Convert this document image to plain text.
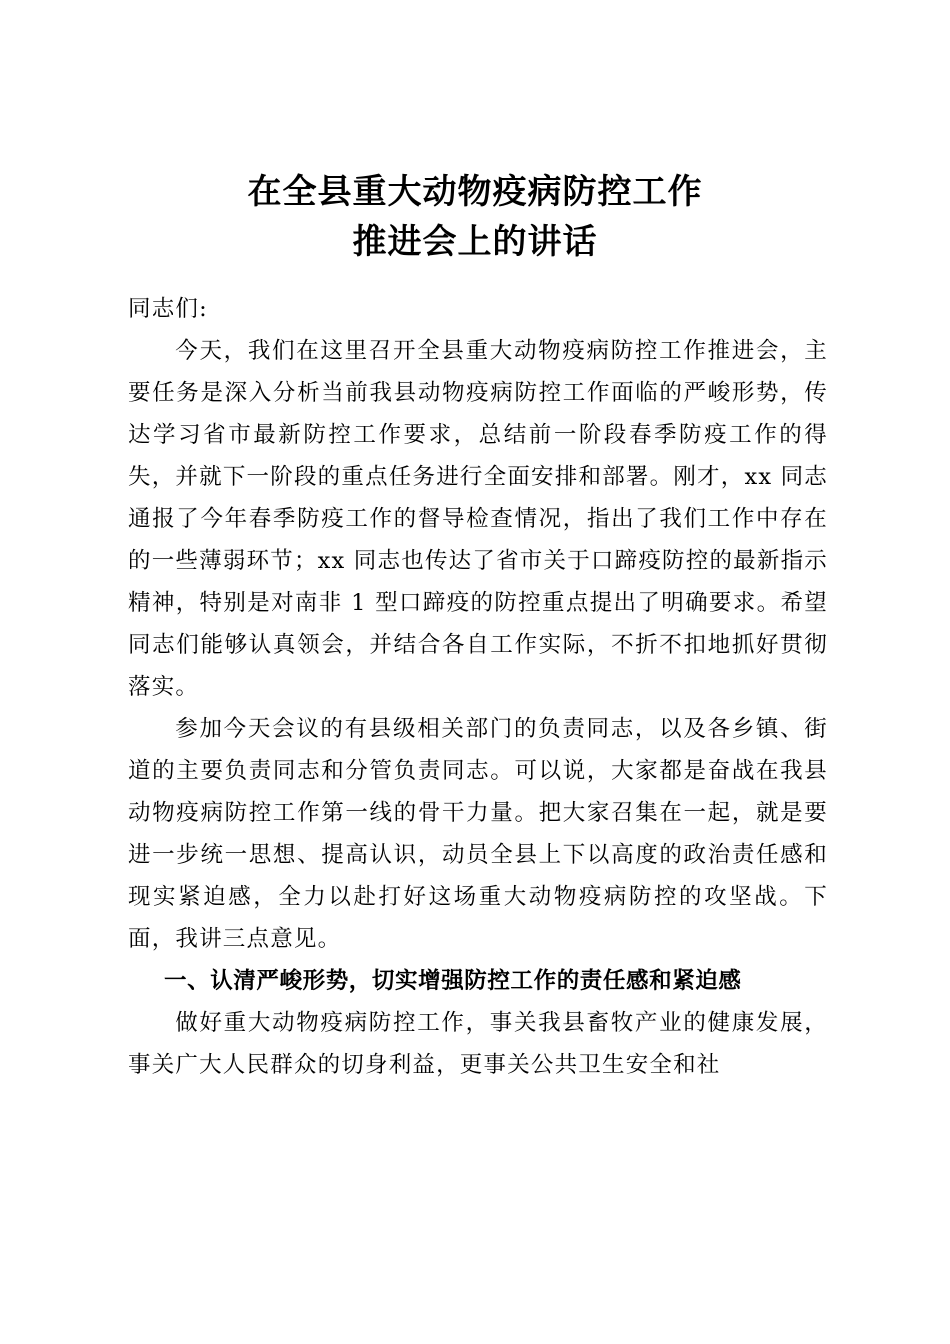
在全县重大动物疫病防控工作
推进会上的讲话

同志们:

今天，我们在这里召开全县重大动物疫病防控工作推进会，主要任务是深入分析当前我县动物疫病防控工作面临的严峻形势，传达学习省市最新防控工作要求，总结前一阶段春季防疫工作的得失，并就下一阶段的重点任务进行全面安排和部署。刚才，xx 同志通报了今年春季防疫工作的督导检查情况，指出了我们工作中存在的一些薄弱环节；xx 同志也传达了省市关于口蹄疫防控的最新指示精神，特别是对南非 1 型口蹄疫的防控重点提出了明确要求。希望同志们能够认真领会，并结合各自工作实际，不折不扣地抓好贯彻落实。

参加今天会议的有县级相关部门的负责同志，以及各乡镇、街道的主要负责同志和分管负责同志。可以说，大家都是奋战在我县动物疫病防控工作第一线的骨干力量。把大家召集在一起，就是要进一步统一思想、提高认识，动员全县上下以高度的政治责任感和现实紧迫感，全力以赴打好这场重大动物疫病防控的攻坚战。下面，我讲三点意见。

一、认清严峻形势，切实增强防控工作的责任感和紧迫感

做好重大动物疫病防控工作，事关我县畜牧产业的健康发展，事关广大人民群众的切身利益，更事关公共卫生安全和社
